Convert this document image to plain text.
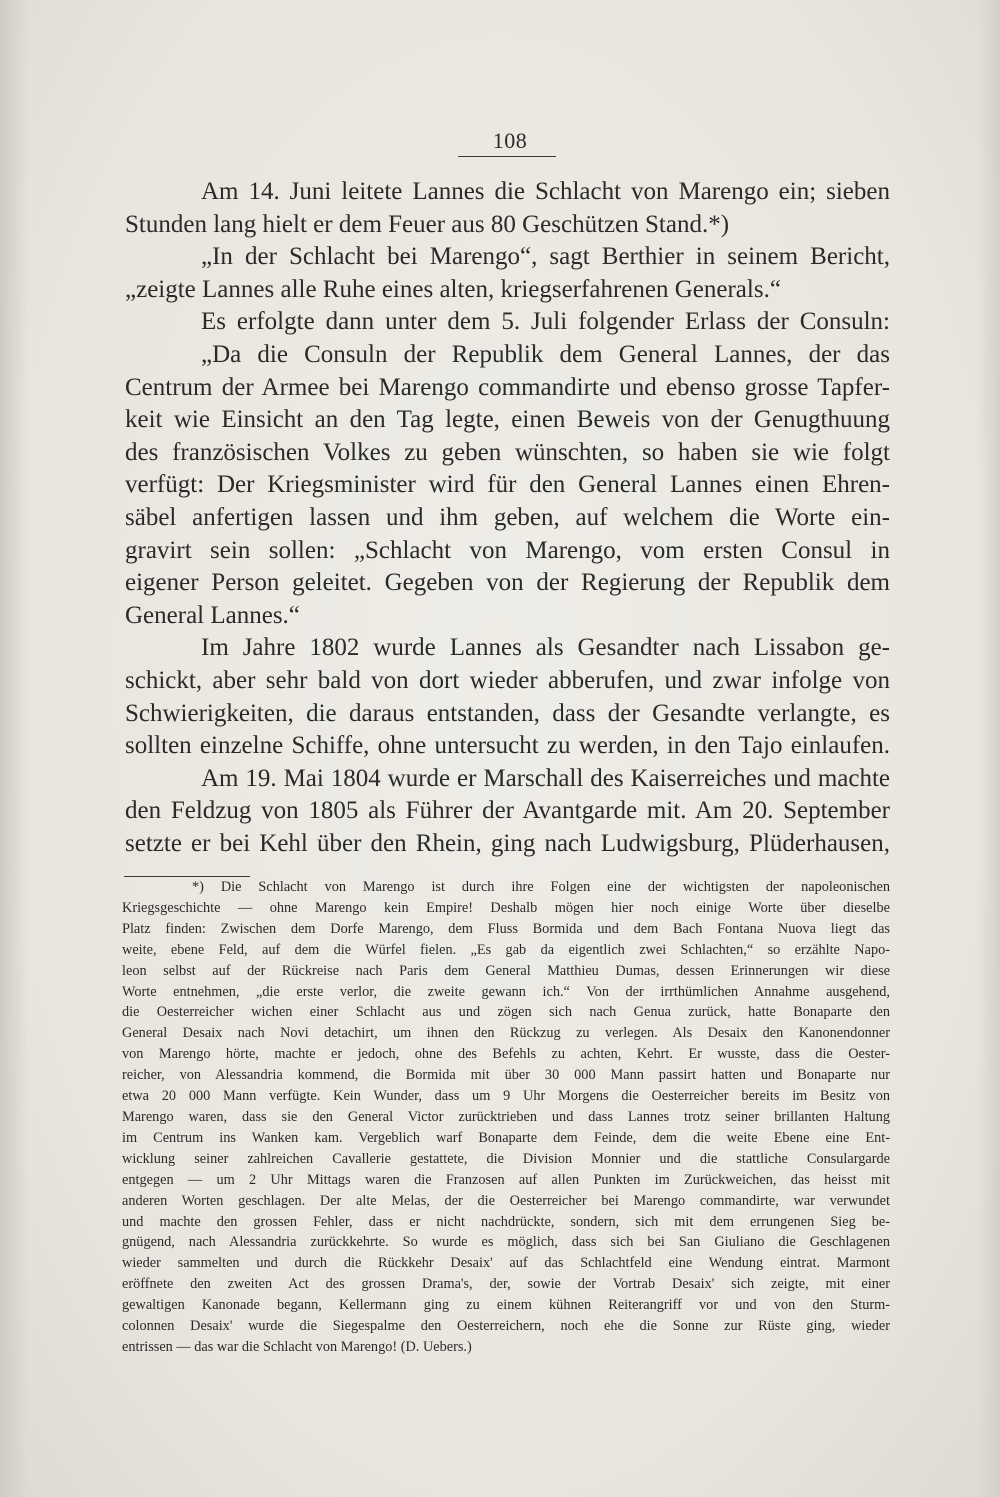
108
Am 14. Juni leitete Lannes die Schlacht von Marengo ein; sieben
Stunden lang hielt er dem Feuer aus 80 Geschützen Stand.*)
„In der Schlacht bei Marengo“, sagt Berthier in seinem Bericht,
„zeigte Lannes alle Ruhe eines alten, kriegserfahrenen Generals.“
Es erfolgte dann unter dem 5. Juli folgender Erlass der Consuln:
„Da die Consuln der Republik dem General Lannes, der das
Centrum der Armee bei Marengo commandirte und ebenso grosse Tapfer-
keit wie Einsicht an den Tag legte, einen Beweis von der Genugthuung
des französischen Volkes zu geben wünschten, so haben sie wie folgt
verfügt: Der Kriegsminister wird für den General Lannes einen Ehren-
säbel anfertigen lassen und ihm geben, auf welchem die Worte ein-
gravirt sein sollen: „Schlacht von Marengo, vom ersten Consul in
eigener Person geleitet. Gegeben von der Regierung der Republik dem
General Lannes.“
Im Jahre 1802 wurde Lannes als Gesandter nach Lissabon ge-
schickt, aber sehr bald von dort wieder abberufen, und zwar infolge von
Schwierigkeiten, die daraus entstanden, dass der Gesandte verlangte, es
sollten einzelne Schiffe, ohne untersucht zu werden, in den Tajo einlaufen.
Am 19. Mai 1804 wurde er Marschall des Kaiserreiches und machte
den Feldzug von 1805 als Führer der Avantgarde mit. Am 20. September
setzte er bei Kehl über den Rhein, ging nach Ludwigsburg, Plüderhausen,
*) Die Schlacht von Marengo ist durch ihre Folgen eine der wichtigsten der napoleonischen
Kriegsgeschichte — ohne Marengo kein Empire! Deshalb mögen hier noch einige Worte über dieselbe
Platz finden: Zwischen dem Dorfe Marengo, dem Fluss Bormida und dem Bach Fontana Nuova liegt das
weite, ebene Feld, auf dem die Würfel fielen. „Es gab da eigentlich zwei Schlachten,“ so erzählte Napo-
leon selbst auf der Rückreise nach Paris dem General Matthieu Dumas, dessen Erinnerungen wir diese
Worte entnehmen, „die erste verlor, die zweite gewann ich.“ Von der irrthümlichen Annahme ausgehend,
die Oesterreicher wichen einer Schlacht aus und zögen sich nach Genua zurück, hatte Bonaparte den
General Desaix nach Novi detachirt, um ihnen den Rückzug zu verlegen. Als Desaix den Kanonendonner
von Marengo hörte, machte er jedoch, ohne des Befehls zu achten, Kehrt. Er wusste, dass die Oester-
reicher, von Alessandria kommend, die Bormida mit über 30 000 Mann passirt hatten und Bonaparte nur
etwa 20 000 Mann verfügte. Kein Wunder, dass um 9 Uhr Morgens die Oesterreicher bereits im Besitz von
Marengo waren, dass sie den General Victor zurücktrieben und dass Lannes trotz seiner brillanten Haltung
im Centrum ins Wanken kam. Vergeblich warf Bonaparte dem Feinde, dem die weite Ebene eine Ent-
wicklung seiner zahlreichen Cavallerie gestattete, die Division Monnier und die stattliche Consulargarde
entgegen — um 2 Uhr Mittags waren die Franzosen auf allen Punkten im Zurückweichen, das heisst mit
anderen Worten geschlagen. Der alte Melas, der die Oesterreicher bei Marengo commandirte, war verwundet
und machte den grossen Fehler, dass er nicht nachdrückte, sondern, sich mit dem errungenen Sieg be-
gnügend, nach Alessandria zurückkehrte. So wurde es möglich, dass sich bei San Giuliano die Geschlagenen
wieder sammelten und durch die Rückkehr Desaix' auf das Schlachtfeld eine Wendung eintrat. Marmont
eröffnete den zweiten Act des grossen Drama's, der, sowie der Vortrab Desaix' sich zeigte, mit einer
gewaltigen Kanonade begann, Kellermann ging zu einem kühnen Reiterangriff vor und von den Sturm-
colonnen Desaix' wurde die Siegespalme den Oesterreichern, noch ehe die Sonne zur Rüste ging, wieder
entrissen — das war die Schlacht von Marengo! (D. Uebers.)
